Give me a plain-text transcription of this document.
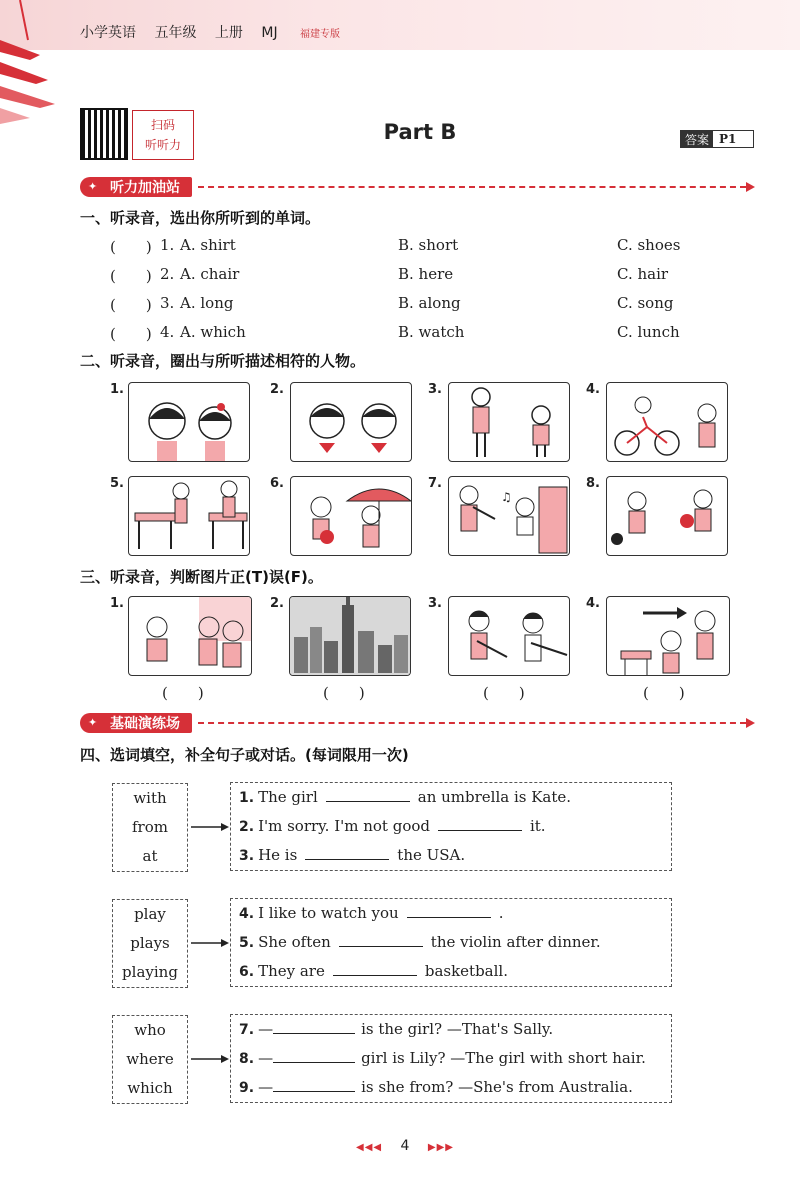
小学英语 五年级 上册 MJ 福建专版
扫码
听听力
Part B	答案 P1
✦ 听力加油站
一、听录音，选出你所听到的单词。
(　　) 1. A. shirt	B. short	C. shoes
(　　) 2. A. chair	B. here	C. hair
(　　) 3. A. long	B. along	C. song
(　　) 4. A. which	B. watch	C. lunch
二、听录音，圈出与所听描述相符的人物。
1.	2.	3.	4.
5.	6.	7.
♫
8.
三、听录音，判断图片正(T)误(F)。
1.
(　　)
2.
(　　)
3.
(　　)
4.
(　　)
✦ 基础演练场
四、选词填空，补全句子或对话。(每词限用一次)
with
from
at
1. The girl	an umbrella is Kate.
2. I'm sorry. I'm not good	it.
3. He is	the USA.
play
plays
playing
4. I like to watch you	.
5. She often	the violin after dinner.
6. They are	basketball.
who
where
which
7. —	is the girl? —That's Sally.
8. —	girl is Lily? —The girl with short hair.
9. —	is she from? —She's from Australia.
◀◀◀ 4 ▶▶▶
